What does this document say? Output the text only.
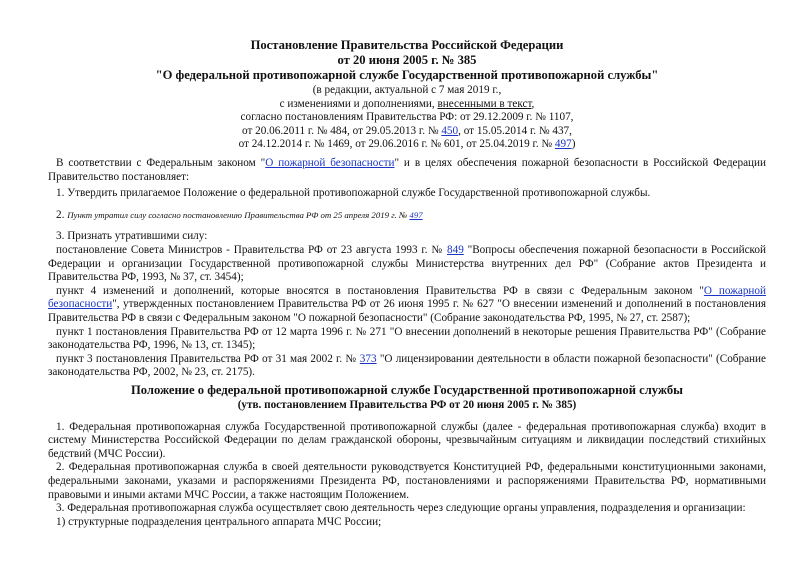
Постановление Правительства Российской Федерации
от 20 июня 2005 г. № 385
"О федеральной противопожарной службе Государственной противопожарной службы"
(в редакции, актуальной с 7 мая 2019 г.,
с изменениями и дополнениями, внесенными в текст,
согласно постановлениям Правительства РФ: от 29.12.2009 г. № 1107,
от 20.06.2011 г. № 484, от 29.05.2013 г. № 450, от 15.05.2014 г. № 437,
от 24.12.2014 г. № 1469, от 29.06.2016 г. № 601, от 25.04.2019 г. № 497)

В соответствии с Федеральным законом "О пожарной безопасности" и в целях обеспечения пожарной безопасности в Российской Федерации Правительство постановляет:

1. Утвердить прилагаемое Положение о федеральной противопожарной службе Государственной противопожарной службы.

2. Пункт утратил силу согласно постановлению Правительства РФ от 25 апреля 2019 г. № 497

3. Признать утратившими силу:

постановление Совета Министров - Правительства РФ от 23 августа 1993 г. № 849 "Вопросы обеспечения пожарной безопасности в Российской Федерации и организации Государственной противопожарной службы Министерства внутренних дел РФ" (Собрание актов Президента и Правительства РФ, 1993, № 37, ст. 3454);

пункт 4 изменений и дополнений, которые вносятся в постановления Правительства РФ в связи с Федеральным законом "О пожарной безопасности", утвержденных постановлением Правительства РФ от 26 июня 1995 г. № 627 "О внесении изменений и дополнений в постановления Правительства РФ в связи с Федеральным законом "О пожарной безопасности" (Собрание законодательства РФ, 1995, № 27, ст. 2587);

пункт 1 постановления Правительства РФ от 12 марта 1996 г. № 271 "О внесении дополнений в некоторые решения Правительства РФ" (Собрание законодательства РФ, 1996, № 13, ст. 1345);

пункт 3 постановления Правительства РФ от 31 мая 2002 г. № 373 "О лицензировании деятельности в области пожарной безопасности" (Собрание законодательства РФ, 2002, № 23, ст. 2175).

Положение о федеральной противопожарной службе Государственной противопожарной службы
(утв. постановлением Правительства РФ от 20 июня 2005 г. № 385)

1. Федеральная противопожарная служба Государственной противопожарной службы (далее - федеральная противопожарная служба) входит в систему Министерства Российской Федерации по делам гражданской обороны, чрезвычайным ситуациям и ликвидации последствий стихийных бедствий (МЧС России).

2. Федеральная противопожарная служба в своей деятельности руководствуется Конституцией РФ, федеральными конституционными законами, федеральными законами, указами и распоряжениями Президента РФ, постановлениями и распоряжениями Правительства РФ, нормативными правовыми и иными актами МЧС России, а также настоящим Положением.

3. Федеральная противопожарная служба осуществляет свою деятельность через следующие органы управления, подразделения и организации:

1) структурные подразделения центрального аппарата МЧС России;
